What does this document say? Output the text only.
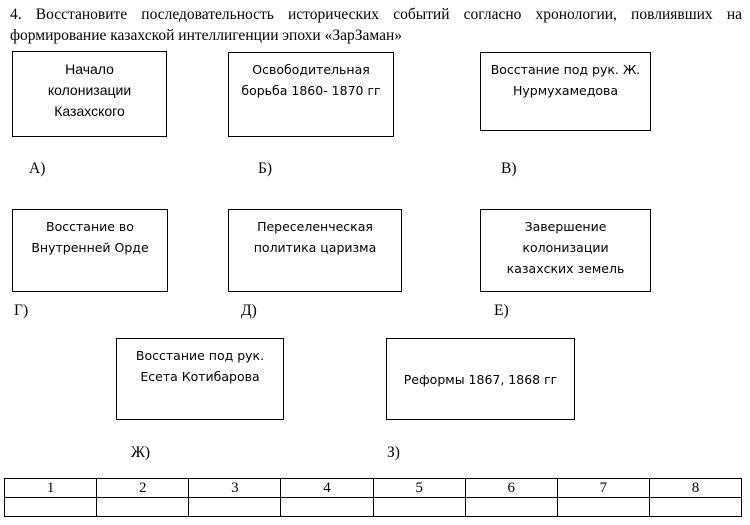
4. Восстановите последовательность исторических событий согласно хронологии, повлиявших на формирование казахской интеллигенции эпохи «ЗарЗаман»
Начало
колонизации
Казахского
Освободительная
борьба 1860- 1870 гг
Восстание под рук. Ж.
Нурмухамедова
А)	Б)	В)
Восстание во
Внутренней Орде
Переселенческая
политика царизма
Завершение
колонизации
казахских земель
Г)	Д)	Е)
Восстание под рук.
Есета Котибарова	Реформы 1867, 1868 гг
Ж)	З)
1	2	3	4	5	6	7	8
